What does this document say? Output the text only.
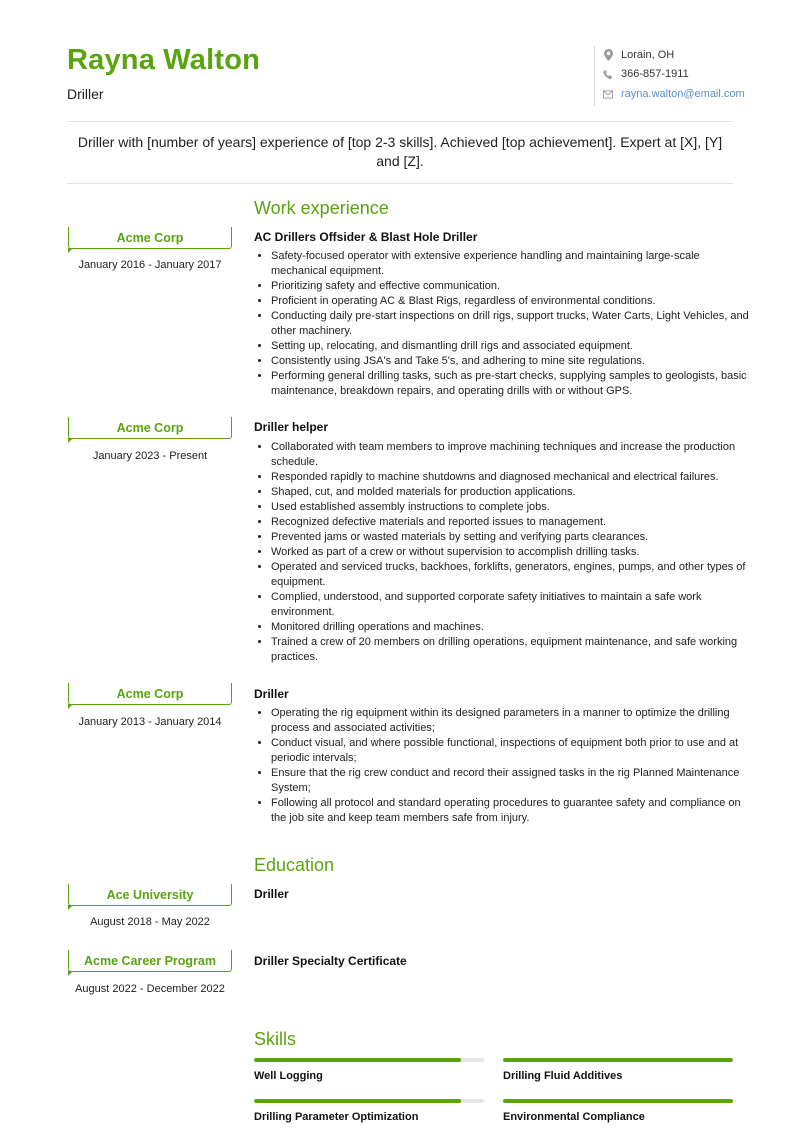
Rayna Walton
Driller
Lorain, OH
366-857-1911
rayna.walton@email.com
Driller with [number of years] experience of [top 2-3 skills]. Achieved [top achievement]. Expert at [X], [Y] and [Z].
Work experience
Acme Corp
January 2016 - January 2017
AC Drillers Offsider & Blast Hole Driller
• Safety-focused operator with extensive experience handling and maintaining large-scale mechanical equipment.
• Prioritizing safety and effective communication.
• Proficient in operating AC & Blast Rigs, regardless of environmental conditions.
• Conducting daily pre-start inspections on drill rigs, support trucks, Water Carts, Light Vehicles, and other machinery.
• Setting up, relocating, and dismantling drill rigs and associated equipment.
• Consistently using JSA's and Take 5's, and adhering to mine site regulations.
• Performing general drilling tasks, such as pre-start checks, supplying samples to geologists, basic maintenance, breakdown repairs, and operating drills with or without GPS.
Acme Corp
January 2023 - Present
Driller helper
• Collaborated with team members to improve machining techniques and increase the production schedule.
• Responded rapidly to machine shutdowns and diagnosed mechanical and electrical failures.
• Shaped, cut, and molded materials for production applications.
• Used established assembly instructions to complete jobs.
• Recognized defective materials and reported issues to management.
• Prevented jams or wasted materials by setting and verifying parts clearances.
• Worked as part of a crew or without supervision to accomplish drilling tasks.
• Operated and serviced trucks, backhoes, forklifts, generators, engines, pumps, and other types of equipment.
• Complied, understood, and supported corporate safety initiatives to maintain a safe work environment.
• Monitored drilling operations and machines.
• Trained a crew of 20 members on drilling operations, equipment maintenance, and safe working practices.
Acme Corp
January 2013 - January 2014
Driller
• Operating the rig equipment within its designed parameters in a manner to optimize the drilling process and associated activities;
• Conduct visual, and where possible functional, inspections of equipment both prior to use and at periodic intervals;
• Ensure that the rig crew conduct and record their assigned tasks in the rig Planned Maintenance System;
• Following all protocol and standard operating procedures to guarantee safety and compliance on the job site and keep team members safe from injury.
Education
Ace University
August 2018 - May 2022
Driller
Acme Career Program
August 2022 - December 2022
Driller Specialty Certificate
Skills
Well Logging	Drilling Fluid Additives
Drilling Parameter Optimization	Environmental Compliance
